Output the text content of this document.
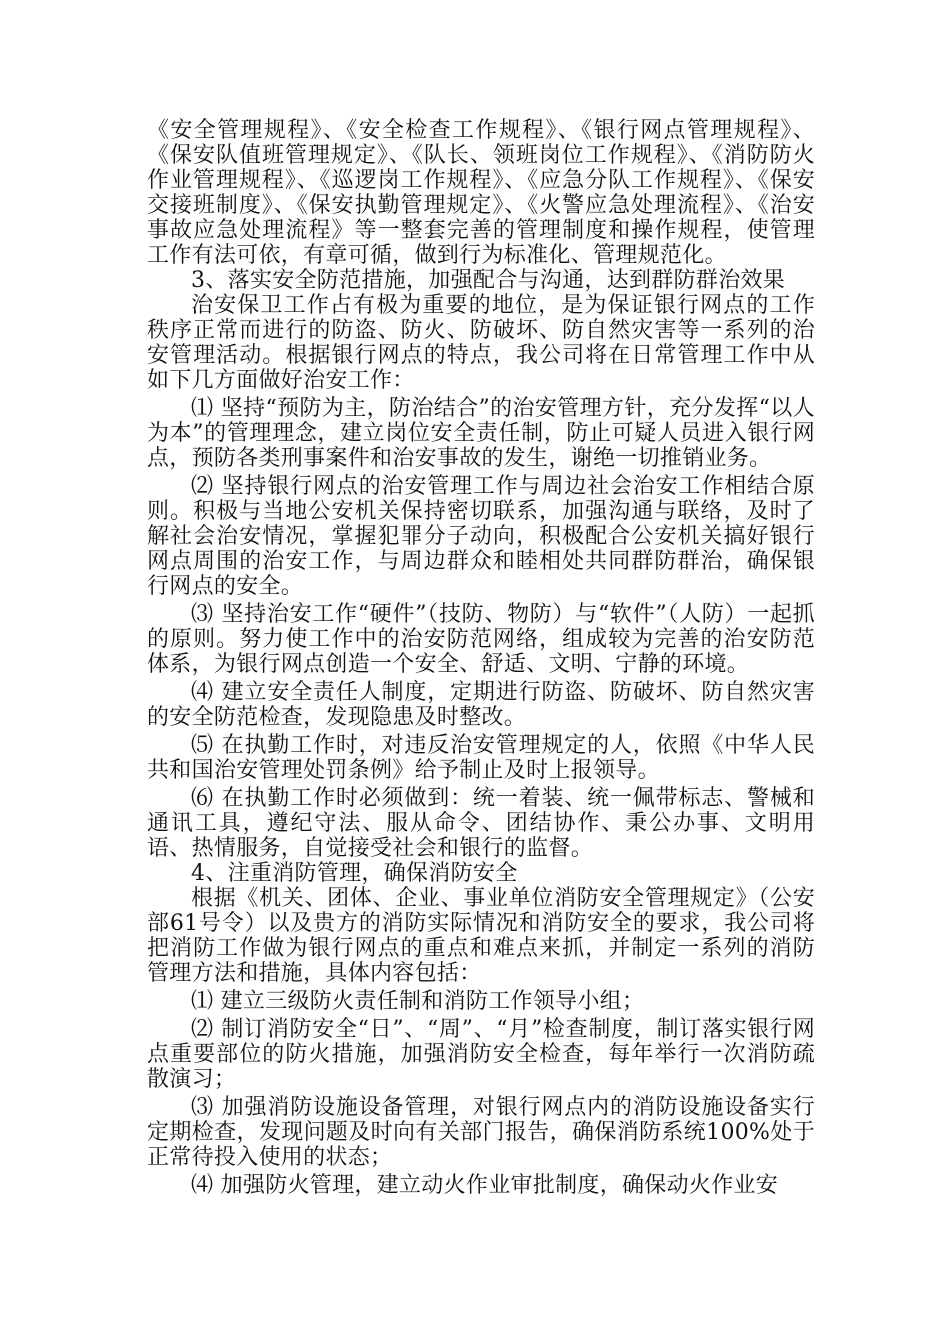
《安全管理规程》、《安全检查工作规程》、《银行网点管理规程》、《保安队值班管理规定》、《队长、领班岗位工作规程》、《消防防火作业管理规程》、《巡逻岗工作规程》、《应急分队工作规程》、《保安交接班制度》、《保安执勤管理规定》、《火警应急处理流程》、《治安事故应急处理流程》等一整套完善的管理制度和操作规程，使管理工作有法可依，有章可循，做到行为标准化、管理规范化。

3、落实安全防范措施，加强配合与沟通，达到群防群治效果

治安保卫工作占有极为重要的地位，是为保证银行网点的工作秩序正常而进行的防盗、防火、防破坏、防自然灾害等一系列的治安管理活动。根据银行网点的特点，我公司将在日常管理工作中从如下几方面做好治安工作：

⑴ 坚持“预防为主，防治结合”的治安管理方针，充分发挥“以人为本”的管理理念，建立岗位安全责任制，防止可疑人员进入银行网点，预防各类刑事案件和治安事故的发生，谢绝一切推销业务。

⑵ 坚持银行网点的治安管理工作与周边社会治安工作相结合原则。积极与当地公安机关保持密切联系，加强沟通与联络，及时了解社会治安情况，掌握犯罪分子动向，积极配合公安机关搞好银行网点周围的治安工作，与周边群众和睦相处共同群防群治，确保银行网点的安全。

⑶ 坚持治安工作“硬件”（技防、物防）与“软件”（人防）一起抓的原则。努力使工作中的治安防范网络，组成较为完善的治安防范体系，为银行网点创造一个安全、舒适、文明、宁静的环境。

⑷ 建立安全责任人制度，定期进行防盗、防破坏、防自然灾害的安全防范检查，发现隐患及时整改。

⑸ 在执勤工作时，对违反治安管理规定的人，依照《中华人民共和国治安管理处罚条例》给予制止及时上报领导。

⑹ 在执勤工作时必须做到：统一着装、统一佩带标志、警械和通讯工具，遵纪守法、服从命令、团结协作、秉公办事、文明用语、热情服务，自觉接受社会和银行的监督。

4、注重消防管理，确保消防安全

根据《机关、团体、企业、事业单位消防安全管理规定》（公安部61号令）以及贵方的消防实际情况和消防安全的要求，我公司将把消防工作做为银行网点的重点和难点来抓，并制定一系列的消防管理方法和措施，具体内容包括：

⑴ 建立三级防火责任制和消防工作领导小组；

⑵ 制订消防安全“日”、“周”、“月”检查制度，制订落实银行网点重要部位的防火措施，加强消防安全检查，每年举行一次消防疏散演习；

⑶ 加强消防设施设备管理，对银行网点内的消防设施设备实行定期检查，发现问题及时向有关部门报告，确保消防系统100%处于正常待投入使用的状态；

⑷ 加强防火管理，建立动火作业审批制度，确保动火作业安
